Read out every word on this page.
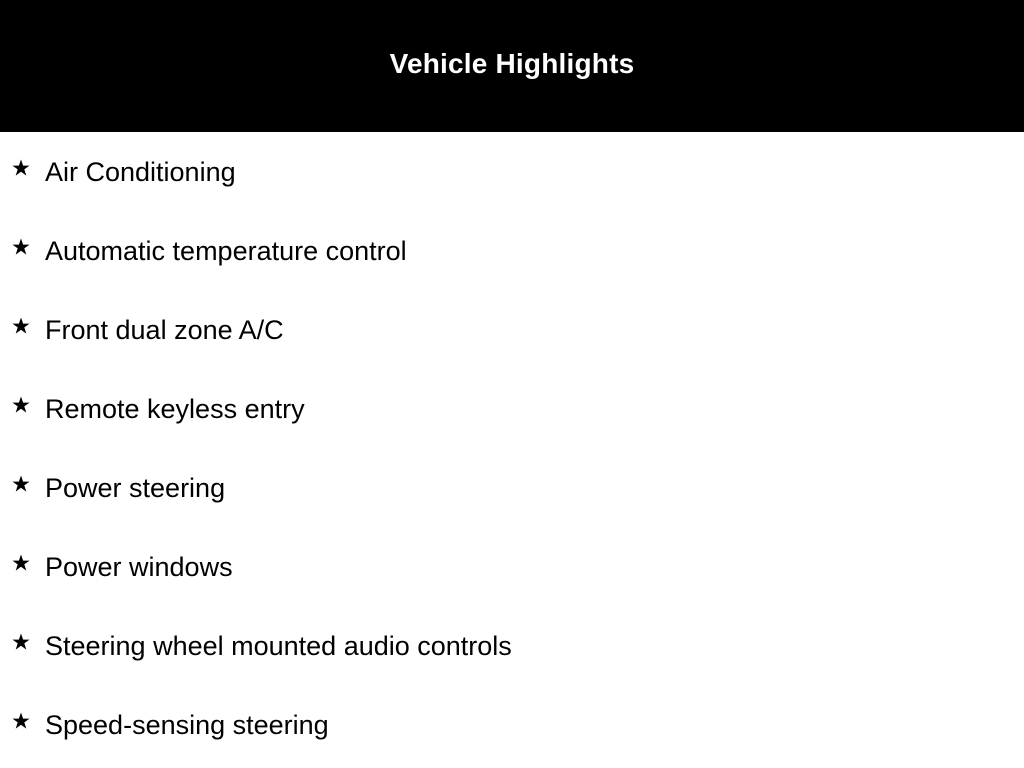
Vehicle Highlights
Air Conditioning
Automatic temperature control
Front dual zone A/C
Remote keyless entry
Power steering
Power windows
Steering wheel mounted audio controls
Speed-sensing steering
